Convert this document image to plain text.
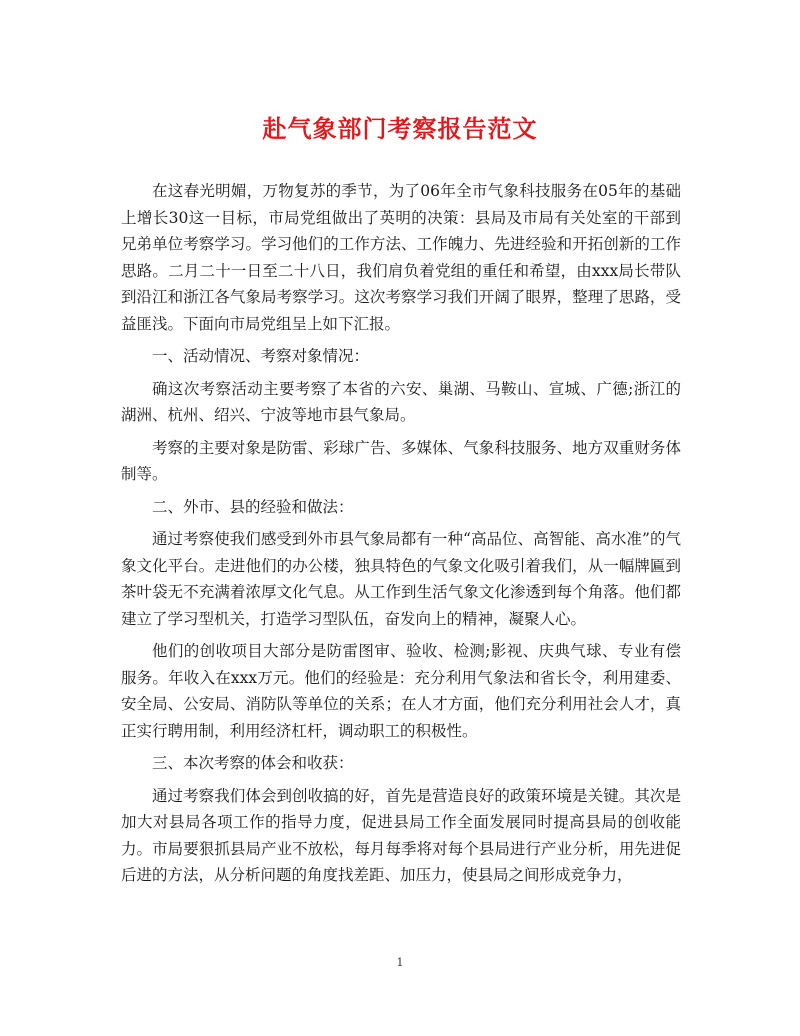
赴气象部门考察报告范文

在这春光明媚，万物复苏的季节，为了06年全市气象科技服务在05年的基础上增长30这一目标，市局党组做出了英明的决策：县局及市局有关处室的干部到兄弟单位考察学习。学习他们的工作方法、工作魄力、先进经验和开拓创新的工作思路。二月二十一日至二十八日，我们肩负着党组的重任和希望，由xxx局长带队到沿江和浙江各气象局考察学习。这次考察学习我们开阔了眼界，整理了思路，受益匪浅。下面向市局党组呈上如下汇报。

一、活动情况、考察对象情况：

确这次考察活动主要考察了本省的六安、巢湖、马鞍山、宣城、广德;浙江的湖洲、杭州、绍兴、宁波等地市县气象局。

考察的主要对象是防雷、彩球广告、多媒体、气象科技服务、地方双重财务体制等。

二、外市、县的经验和做法：

通过考察使我们感受到外市县气象局都有一种“高品位、高智能、高水准”的气象文化平台。走进他们的办公楼，独具特色的气象文化吸引着我们，从一幅牌匾到茶叶袋无不充满着浓厚文化气息。从工作到生活气象文化渗透到每个角落。他们都建立了学习型机关，打造学习型队伍，奋发向上的精神，凝聚人心。

他们的创收项目大部分是防雷图审、验收、检测;影视、庆典气球、专业有偿服务。年收入在xxx万元。他们的经验是：充分利用气象法和省长令，利用建委、安全局、公安局、消防队等单位的关系；在人才方面，他们充分利用社会人才，真正实行聘用制，利用经济杠杆，调动职工的积极性。

三、本次考察的体会和收获：

通过考察我们体会到创收搞的好，首先是营造良好的政策环境是关键。其次是加大对县局各项工作的指导力度，促进县局工作全面发展同时提高县局的创收能力。市局要狠抓县局产业不放松，每月每季将对每个县局进行产业分析，用先进促后进的方法，从分析问题的角度找差距、加压力，使县局之间形成竞争力，

1
